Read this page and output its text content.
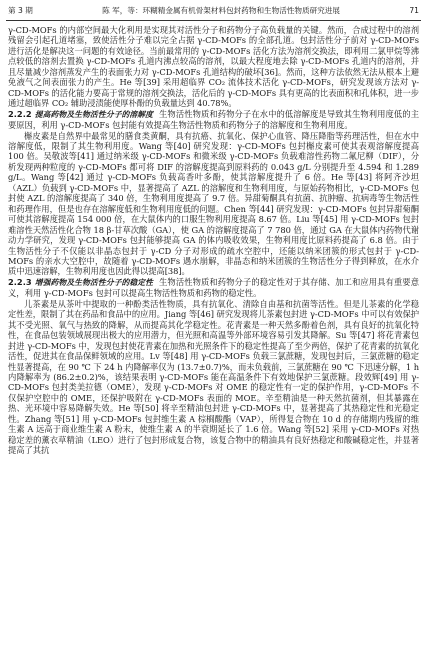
第 3 期	陈 军，等：环糊精金属有机骨架材料包封药物和生物活性物质研究进展	71

γ-CD-MOFs 的内部空间最大化利用是实现其对活性分子和药物分子高负载量的关键。然而，合成过程中的溶剂残留会引起孔道堵塞，致使活性分子难以完全占据 γ-CD-MOFs 的全部孔道。包封活性分子前对 γ-CD-MOFs 进行活化是解决这一问题的有效途径。当前最常用的 γ-CD-MOFs 活化方法为溶剂交换法，即利用二氯甲烷等沸点较低的溶剂去置换 γ-CD-MOFs 孔道内沸点较高的溶剂，以最大程度地去除 γ-CD-MOFs 孔道内的溶剂，并且尽量减少溶剂蒸发产生的表面张力对 γ-CD-MOFs 孔道结构的破坏[36]。然而，这种方法依然无法从根本上避免液气之间表面张力的产生。He 等[39] 采用超临界 CO₂ 流体技术活化 γ-CD-MOFs，研究发现该方法对 γ-CD-MOFs 的活化能力要高于常规的溶剂交换法，活化后的 γ-CD-MOFs 具有更高的比表面积和孔体积，进一步通过超临界 CO₂ 辅助浸渍能使厚朴酚的负载量达到 40.78%。

2.2.2 提高药物及生物活性分子的溶解度 生物活性物质和药物分子在水中的低溶解度是导致其生物利用度低的主要原因，利用 γ-CD-MOFs 包封能有效提高生物活性物质和药物分子的溶解度和生物利用度。

槲皮素是自然界中最常见的膳食类黄酮，具有抗癌、抗氧化、保护心血管、降压降脂等药理活性，但在水中溶解度低，限制了其生物利用度。Wang 等[40] 研究发现：γ-CD-MOFs 包封槲皮素可使其表观溶解度提高 100 倍。吴敬波等[41] 通过纳米级 γ-CD-MOFs 和微米级 γ-CD-MOFs 负载难溶性药物二氟尼柳（DIF），分析发现两种粒度的 γ-CD-MOFs 都可将 DIF 的溶解度提高到原料药的 0.043 g/L 分别提升至 4.594 和 1.289 g/L。Wang 等[42] 通过 γ-CD-MOFs 负载高香叶多酚，使其溶解度提升了 6 倍。He 等[43] 将阿齐沙坦（AZL）负载到 γ-CD-MOFs 中，显著提高了 AZL 的溶解度和生物利用度，与原始药物相比，γ-CD-MOFs 包封使 AZL 的溶解度提高了 340 倍，生物利用度提高了 9.7 倍。异甜菊酮具有抗菌、抗肿瘤、抗病毒等生物活性和药理作用，但是也存在溶解度低和生物利用度低的问题。Chen 等[44] 研究发现：γ-CD-MOFs 包封异甜菊酮可使其溶解度提高 154 000 倍，在大鼠体内的口服生物利用度提高 8.67 倍。Liu 等[45] 用 γ-CD-MOFs 包封难溶性天然活性化合物 18 β-甘草次酸（GA），使 GA 的溶解度提高了 7 780 倍，通过 GA 在大鼠体内药物代谢动力学研究，发现 γ-CD-MOFs 包封能够提高 GA 的体内吸收效果，生物利用度比原料药提高了 6.8 倍。由于生物活性分子不仅能以非晶态包封于 γ-CD 分子对形成的疏水空腔中，还能以纳米团簇的形式包封于 γ-CD-MOFs 的亲水大空腔中，故随着 γ-CD-MOFs 遇水崩解，非晶态和纳米团簇的生物活性分子得到释放，在水介质中迅速溶解，生物利用度也因此得以提高[38]。

2.2.3 增强药物及生物活性分子的稳定性 生物活性物质和药物分子的稳定性对于其存储、加工和应用具有重要意义，利用 γ-CD-MOFs 包封可以提高生物活性物质和药物的稳定性。

儿茶素是从茶叶中提取的一种酚类活性物质，具有抗氧化、清除自由基和抗菌等活性。但是儿茶素的化学稳定性差，限制了其在药品和食品中的应用。Jiang 等[46] 研究发现将儿茶素包封进 γ-CD-MOFs 中可以有效保护其不受光照、氧气与热致的降解，从而提高其化学稳定性。花青素是一种天然多酚着色剂，具有良好的抗氧化特性，在食品包装领域展现出极大的应用潜力，但光照和高温等外部环境容易引发其降解。Su 等[47] 将花青素包封进 γ-CD-MOFs 中，发现包封使花青素在加热和光照条件下的稳定性提高了至少两倍，保护了花青素的抗氧化活性，促进其在食品保鲜领域的应用。Lv 等[48] 用 γ-CD-MOFs 负载三氯蔗糖，发现包封后，三氯蔗糖的稳定性显著提高，在 90 ℃ 下 24 h 内降解率仅为 (13.7±0.7)%，而未负载前，三氯蔗糖在 90 ℃ 下迅速分解，1 h 内降解率为 (86.2±0.2)%，该结果表明 γ-CD-MOFs 能在高温条件下有效地保护三氯蔗糖。段效辉[49] 用 γ-CD-MOFs 包封类美拉德（OME），发现 γ-CD-MOFs 对 OME 的稳定性有一定的保护作用，γ-CD-MOFs 不仅保护空腔中的 OME，还保护吸附在 γ-CD-MOFs 表面的 MOE。辛至精油是一种天然抗菌剂，但其暴露在热、光环境中容易降解失效。He 等[50] 将辛至精油包封进 γ-CD-MOFs 中，显著提高了其热稳定性和光稳定性。Zhang 等[51] 用 γ-CD-MOFs 包封维生素 A 棕榈酸酯（VAP），所得复合物在 10 d 的存储期内残留的维生素 A 远高于商业维生素 A 粉末，使维生素 A 的半衰期延长了 1.6 倍。Wang 等[52] 采用 γ-CD-MOFs 对热稳定差的薰衣草精油（LEO）进行了包封形成复合物，该复合物中的精油具有良好热稳定和酸碱稳定性，并显著提高了其抗
